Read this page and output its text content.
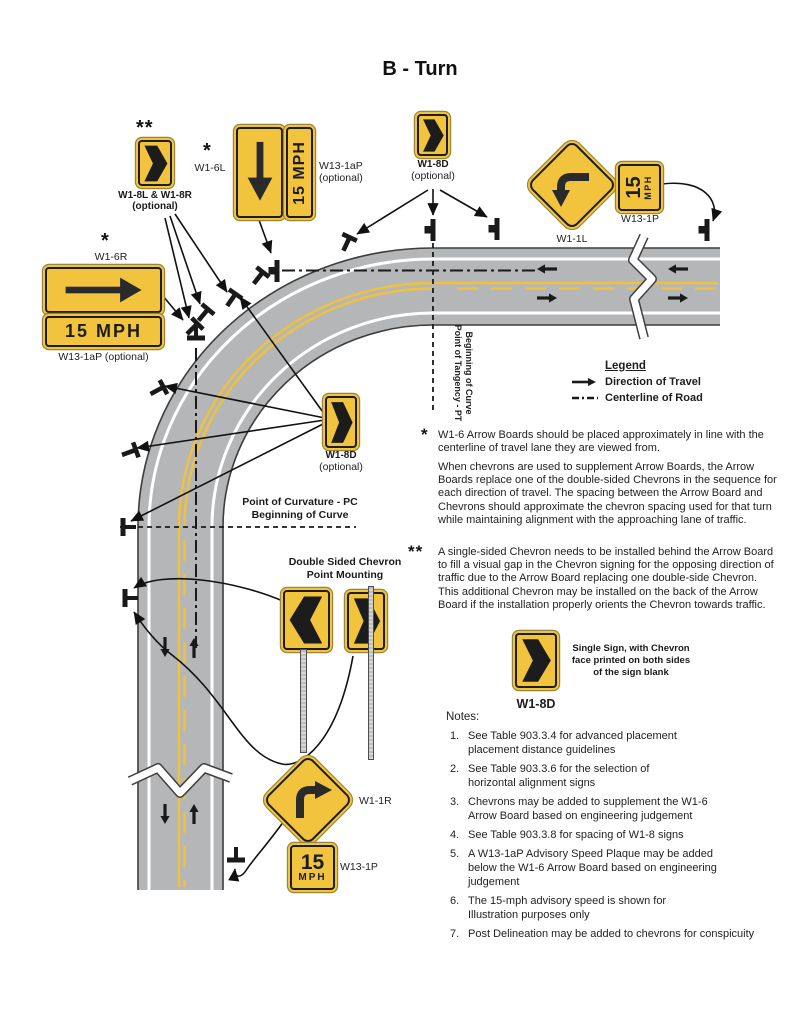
B - Turn
**
W1-8L & W1-8R
(optional)
*
W1-6L	15 MPH W13-1aP
(optional)
W1-8D
(optional)
W1-1L
15
MPH
W13-1P
*
W1-6R
15 MPH
W13-1aP (optional)
W1-8D
(optional)
Point of Curvature - PC
Beginning of Curve
Point of Tangency - PT Beginning of Curve	Legend
Direction of Travel
Centerline of Road
* W1-6 Arrow Boards should be placed approximately in line with the centerline of travel lane they are viewed from.
When chevrons are used to supplement Arrow Boards, the Arrow Boards replace one of the double-sided Chevrons in the sequence for each direction of travel. The spacing between the Arrow Board and Chevrons should approximate the chevron spacing used for that turn while maintaining alignment with the approaching lane of traffic.
** A single-sided Chevron needs to be installed behind the Arrow Board to fill a visual gap in the Chevron signing for the opposing direction of traffic due to the Arrow Board replacing one double-side Chevron. This additional Chevron may be installed on the back of the Arrow Board if the installation properly orients the Chevron towards traffic.
Double Sided Chevron
Point Mounting
Single Sign, with Chevron face printed on both sides of the sign blank
W1-8D
Notes:
1. See Table 903.3.4 for advanced placement placement distance guidelines
2. See Table 903.3.6 for the selection of horizontal alignment signs
3. Chevrons may be added to supplement the W1-6 Arrow Board based on engineering judgement
4. See Table 903.3.8 for spacing of W1-8 signs
5. A W13-1aP Advisory Speed Plaque may be added below the W1-6 Arrow Board based on engineering judgement
6. The 15-mph advisory speed is shown for Illustration purposes only
7. Post Delineation may be added to chevrons for conspicuity
W1-1R
15
MPH
W13-1P
